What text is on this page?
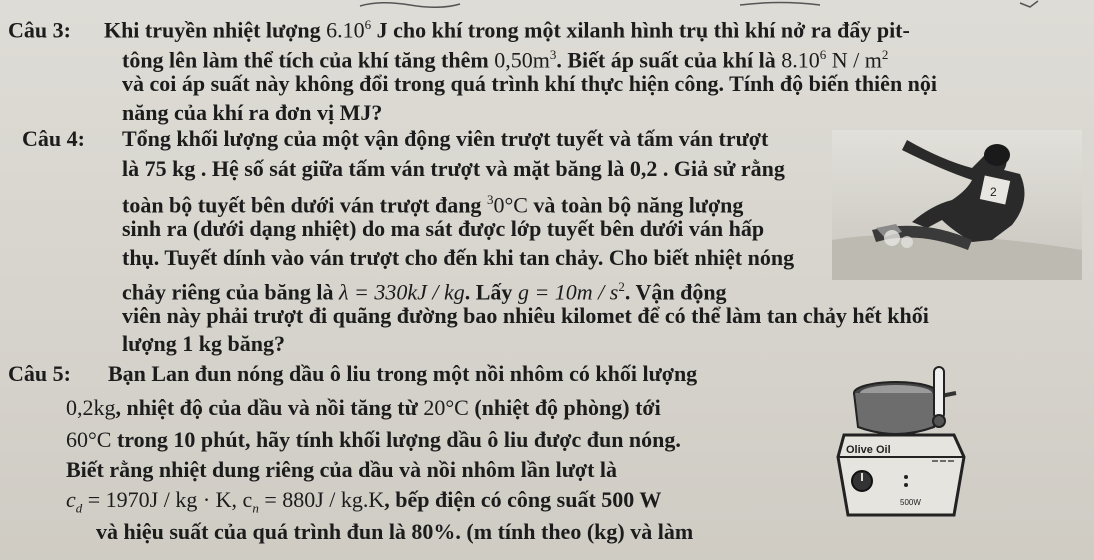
Câu 3: Khi truyền nhiệt lượng 6.10$^6$ J cho khí trong một xilanh hình trụ thì khí nở ra đẩy pit-
tông lên làm thể tích của khí tăng thêm $0,50m^3$. Biết áp suất của khí là 8.10$^6$ N / $m^2$
và coi áp suất này không đổi trong quá trình khí thực hiện công. Tính độ biến thiên nội
năng của khí ra đơn vị MJ?
Câu 4: Tổng khối lượng của một vận động viên trượt tuyết và tấm ván trượt
là 75 kg . Hệ số sát giữa tấm ván trượt và mặt băng là 0,2 . Giả sử rằng
toàn bộ tuyết bên dưới ván trượt đang $^3$0°C và toàn bộ năng lượng
sinh ra (dưới dạng nhiệt) do ma sát được lớp tuyết bên dưới ván hấp
thụ. Tuyết dính vào ván trượt cho đến khi tan chảy. Cho biết nhiệt nóng
chảy riêng của băng là λ = 330kJ / kg. Lấy $g = 10m / s^2$. Vận động
viên này phải trượt đi quãng đường bao nhiêu kilomet để có thể làm tan chảy hết khối
lượng 1 kg băng?
2
Câu 5: Bạn Lan đun nóng dầu ô liu trong một nồi nhôm có khối lượng
0,2kg, nhiệt độ của dầu và nồi tăng từ 20°C (nhiệt độ phòng) tới
60°C trong 10 phút, hãy tính khối lượng dầu ô liu được đun nóng.
Biết rằng nhiệt dung riêng của dầu và nồi nhôm lần lượt là
$c_d = 1970J$ / kg · K, $c_n = 880J / kg.K$, bếp điện có công suất 500 W
và hiệu suất của quá trình đun là 80%. (m tính theo (kg) và làm
Olive Oil
500W
